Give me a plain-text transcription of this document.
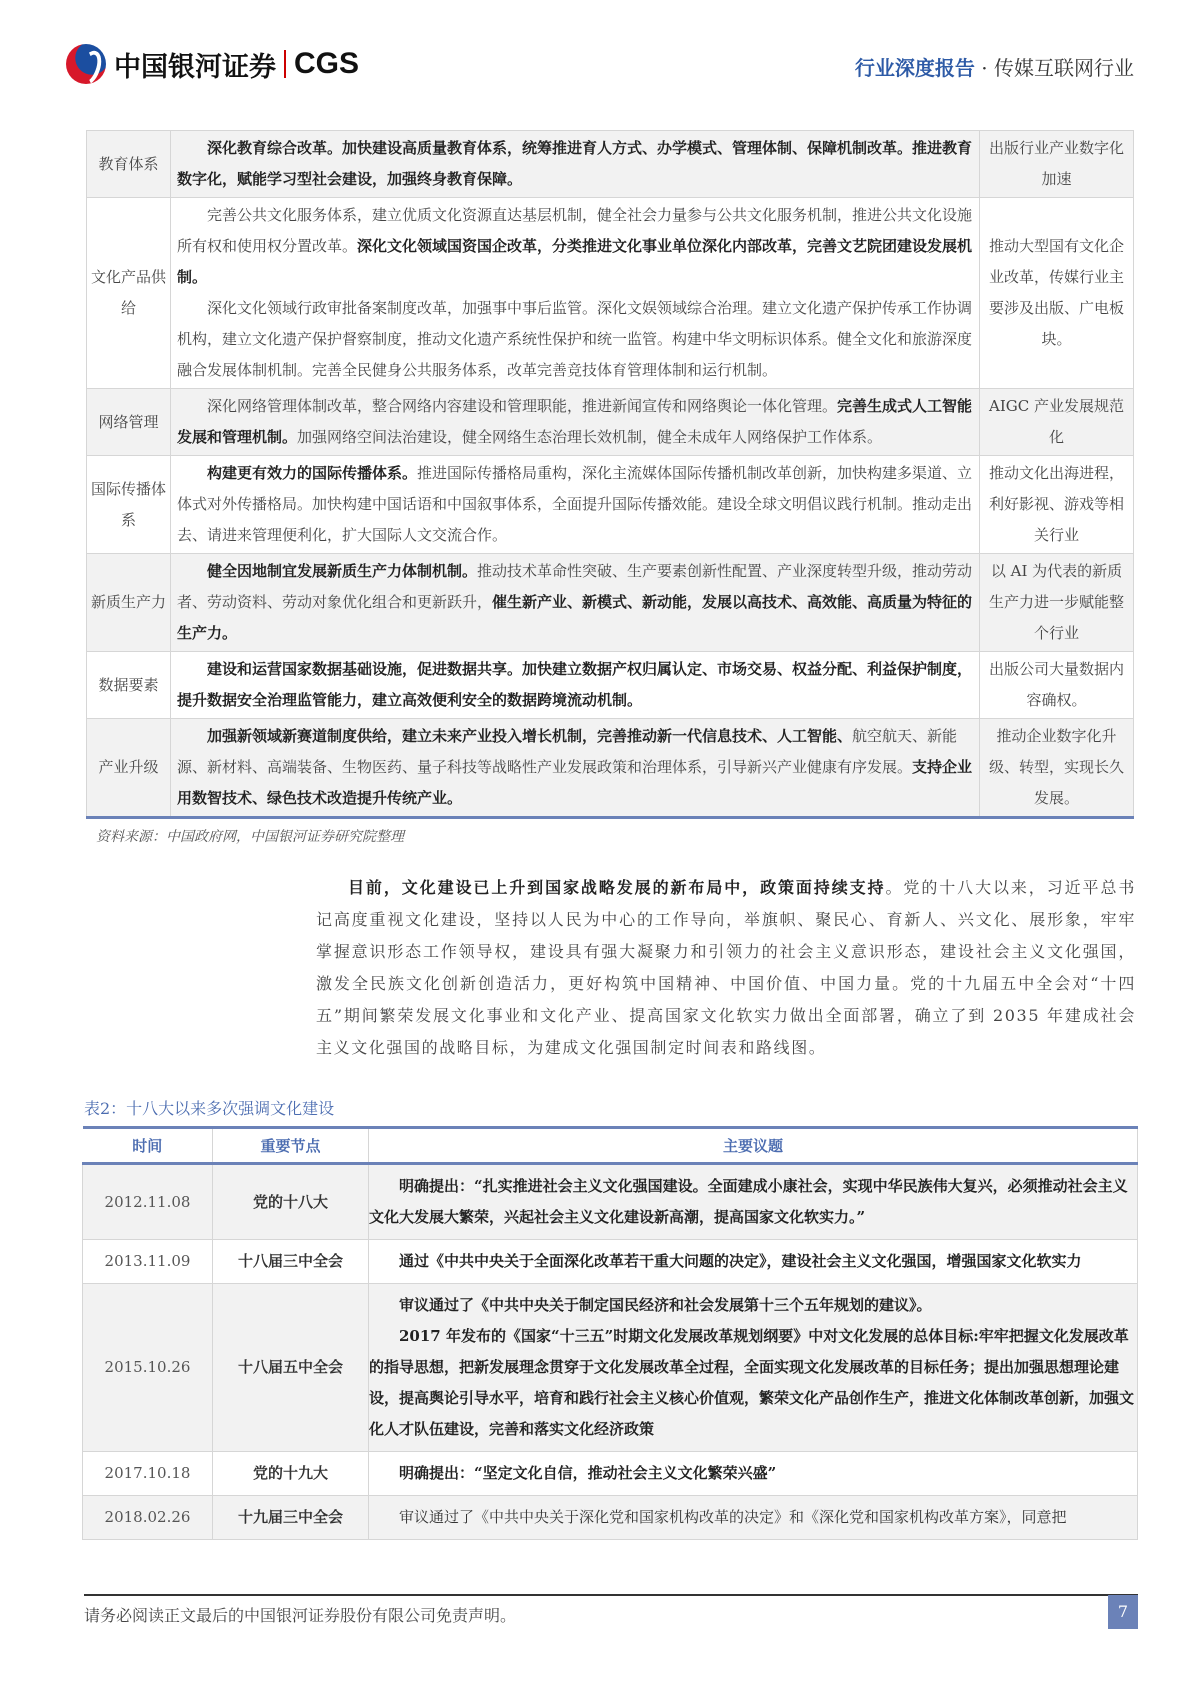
中国银河证券 CGS	行业深度报告 · 传媒互联网行业
教育体系	深化教育综合改革。加快建设高质量教育体系，统筹推进育人方式、办学模式、管理体制、保障机制改革。推进教育数字化，赋能学习型社会建设，加强终身教育保障。	出版行业产业数字化加速
文化产品供给	完善公共文化服务体系，建立优质文化资源直达基层机制，健全社会力量参与公共文化服务机制，推进公共文化设施所有权和使用权分置改革。深化文化领域国资国企改革，分类推进文化事业单位深化内部改革，完善文艺院团建设发展机制。
深化文化领域行政审批备案制度改革，加强事中事后监管。深化文娱领域综合治理。建立文化遗产保护传承工作协调机构，建立文化遗产保护督察制度，推动文化遗产系统性保护和统一监管。构建中华文明标识体系。健全文化和旅游深度融合发展体制机制。完善全民健身公共服务体系，改革完善竞技体育管理体制和运行机制。	推动大型国有文化企业改革，传媒行业主要涉及出版、广电板块。
网络管理	深化网络管理体制改革，整合网络内容建设和管理职能，推进新闻宣传和网络舆论一体化管理。完善生成式人工智能发展和管理机制。加强网络空间法治建设，健全网络生态治理长效机制，健全未成年人网络保护工作体系。	AIGC 产业发展规范化
国际传播体系	构建更有效力的国际传播体系。推进国际传播格局重构，深化主流媒体国际传播机制改革创新，加快构建多渠道、立体式对外传播格局。加快构建中国话语和中国叙事体系，全面提升国际传播效能。建设全球文明倡议践行机制。推动走出去、请进来管理便利化，扩大国际人文交流合作。	推动文化出海进程，利好影视、游戏等相关行业
新质生产力	健全因地制宜发展新质生产力体制机制。推动技术革命性突破、生产要素创新性配置、产业深度转型升级，推动劳动者、劳动资料、劳动对象优化组合和更新跃升，催生新产业、新模式、新动能，发展以高技术、高效能、高质量为特征的生产力。	以 AI 为代表的新质生产力进一步赋能整个行业
数据要素	建设和运营国家数据基础设施，促进数据共享。加快建立数据产权归属认定、市场交易、权益分配、利益保护制度，提升数据安全治理监管能力，建立高效便利安全的数据跨境流动机制。	出版公司大量数据内容确权。
产业升级	加强新领域新赛道制度供给，建立未来产业投入增长机制，完善推动新一代信息技术、人工智能、航空航天、新能源、新材料、高端装备、生物医药、量子科技等战略性产业发展政策和治理体系，引导新兴产业健康有序发展。支持企业用数智技术、绿色技术改造提升传统产业。	推动企业数字化升级、转型，实现长久发展。
资料来源：中国政府网，中国银河证券研究院整理
目前，文化建设已上升到国家战略发展的新布局中，政策面持续支持。党的十八大以来，习近平总书记高度重视文化建设，坚持以人民为中心的工作导向，举旗帜、聚民心、育新人、兴文化、展形象，牢牢掌握意识形态工作领导权，建设具有强大凝聚力和引领力的社会主义意识形态，建设社会主义文化强国，激发全民族文化创新创造活力，更好构筑中国精神、中国价值、中国力量。党的十九届五中全会对“十四五”期间繁荣发展文化事业和文化产业、提高国家文化软实力做出全面部署，确立了到 2035 年建成社会主义文化强国的战略目标，为建成文化强国制定时间表和路线图。
表2：十八大以来多次强调文化建设
时间	重要节点	主要议题
2012.11.08	党的十八大	明确提出：“扎实推进社会主义文化强国建设。全面建成小康社会，实现中华民族伟大复兴，必须推动社会主义文化大发展大繁荣，兴起社会主义文化建设新高潮，提高国家文化软实力。”

2013.11.09	十八届三中全会	通过《中共中央关于全面深化改革若干重大问题的决定》，建设社会主义文化强国，增强国家文化软实力

2015.10.26	十八届五中全会	审议通过了《中共中央关于制定国民经济和社会发展第十三个五年规划的建议》。
2017 年发布的《国家“十三五”时期文化发展改革规划纲要》中对文化发展的总体目标:牢牢把握文化发展改革的指导思想，把新发展理念贯穿于文化发展改革全过程，全面实现文化发展改革的目标任务；提出加强思想理论建设，提高舆论引导水平，培育和践行社会主义核心价值观，繁荣文化产品创作生产，推进文化体制改革创新，加强文化人才队伍建设，完善和落实文化经济政策

2017.10.18	党的十九大	明确提出：“坚定文化自信，推动社会主义文化繁荣兴盛”

2018.02.26	十九届三中全会	审议通过了《中共中央关于深化党和国家机构改革的决定》和《深化党和国家机构改革方案》，同意把
请务必阅读正文最后的中国银河证券股份有限公司免责声明。	7
